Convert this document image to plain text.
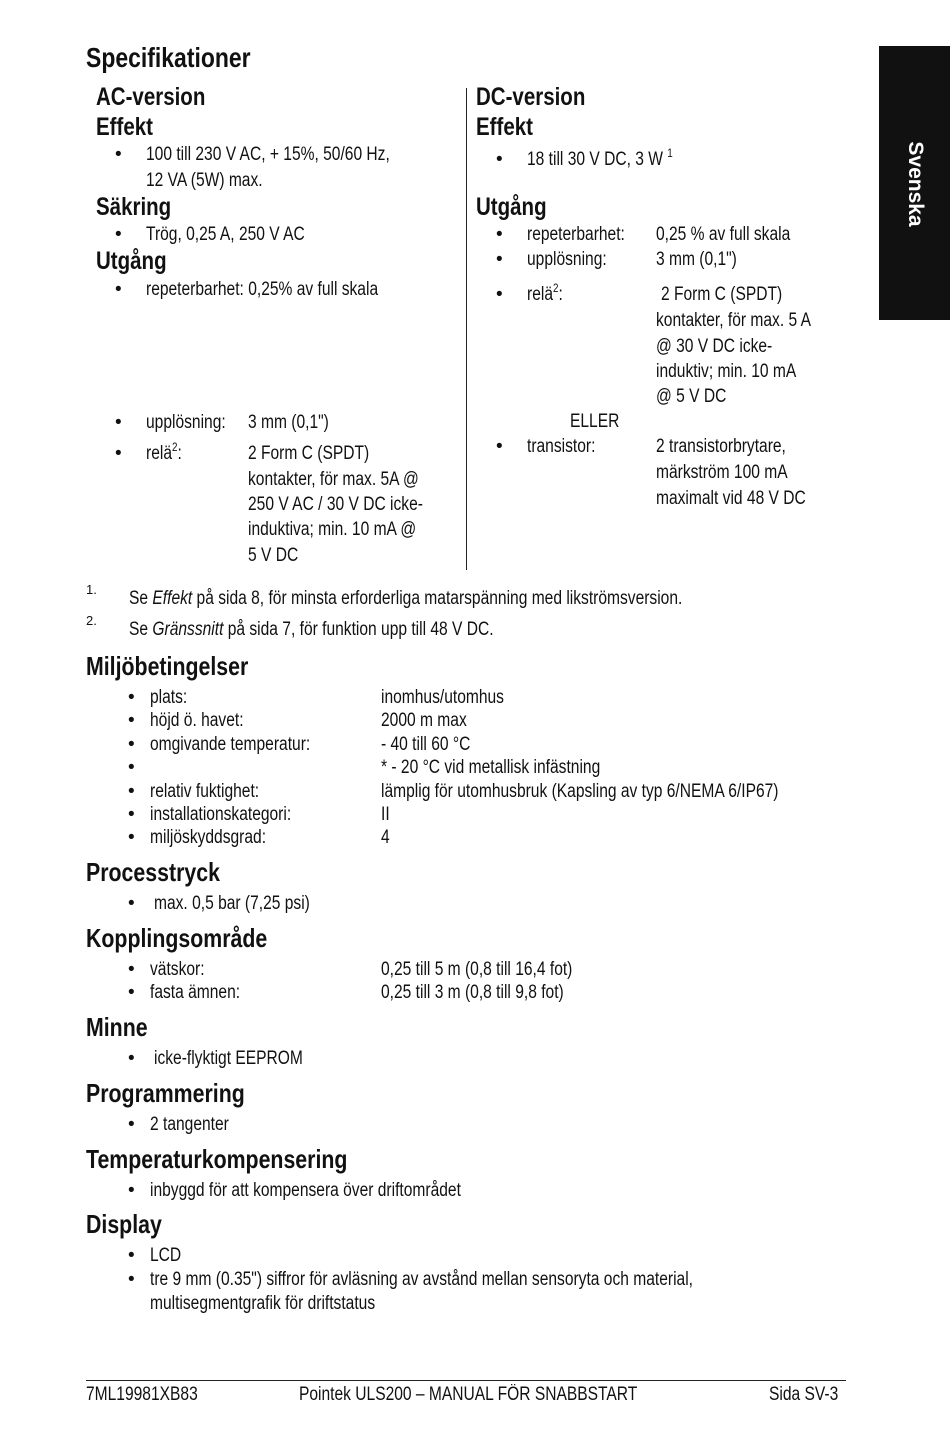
Svenska
Specifikationer
AC-version
Effekt
• 100 till 230 V AC, + 15%, 50/60 Hz,
12 VA (5W) max.
Säkring
• Trög, 0,25 A, 250 V AC
Utgång
• repeterbarhet: 0,25% av full skala
• upplösning:	3 mm (0,1")
• relä$^2$:	2 Form C (SPDT)
kontakter, för max. 5A @
250 V AC / 30 V DC icke-
induktiva; min. 10 mA @
5 V DC
DC-version
Effekt
• 18 till 30 V DC, 3 W $^1$
Utgång
• repeterbarhet:	0,25 % av full skala
• upplösning:	3 mm (0,1")
• relä$^2$:	2 Form C (SPDT)
kontakter, för max. 5 A
@ 30 V DC icke-
induktiv; min. 10 mA
@ 5 V DC
ELLER
• transistor:	2 transistorbrytare,
märkström 100 mA
maximalt vid 48 V DC
1. Se Effekt på sida 8, för minsta erforderliga matarspänning med likströmsversion.
2. Se Gränssnitt på sida 7, för funktion upp till 48 V DC.
Miljöbetingelser
• plats:	inomhus/utomhus
• höjd ö. havet:	2000 m max
• omgivande temperatur:	- 40 till 60 °C
•	* - 20 °C vid metallisk infästning
• relativ fuktighet:	lämplig för utomhusbruk (Kapsling av typ 6/NEMA 6/IP67)
• installationskategori:	II
• miljöskyddsgrad:	4
Processtryck
• max. 0,5 bar (7,25 psi)
Kopplingsområde
• vätskor:	0,25 till 5 m (0,8 till 16,4 fot)
• fasta ämnen:	0,25 till 3 m (0,8 till 9,8 fot)
Minne
• icke-flyktigt EEPROM
Programmering
• 2 tangenter
Temperaturkompensering
• inbyggd för att kompensera över driftområdet
Display
• LCD
• tre 9 mm (0.35") siffror för avläsning av avstånd mellan sensoryta och material,
multisegmentgrafik för driftstatus
7ML19981XB83	Pointek ULS200 – MANUAL FÖR SNABBSTART	Sida SV-3
